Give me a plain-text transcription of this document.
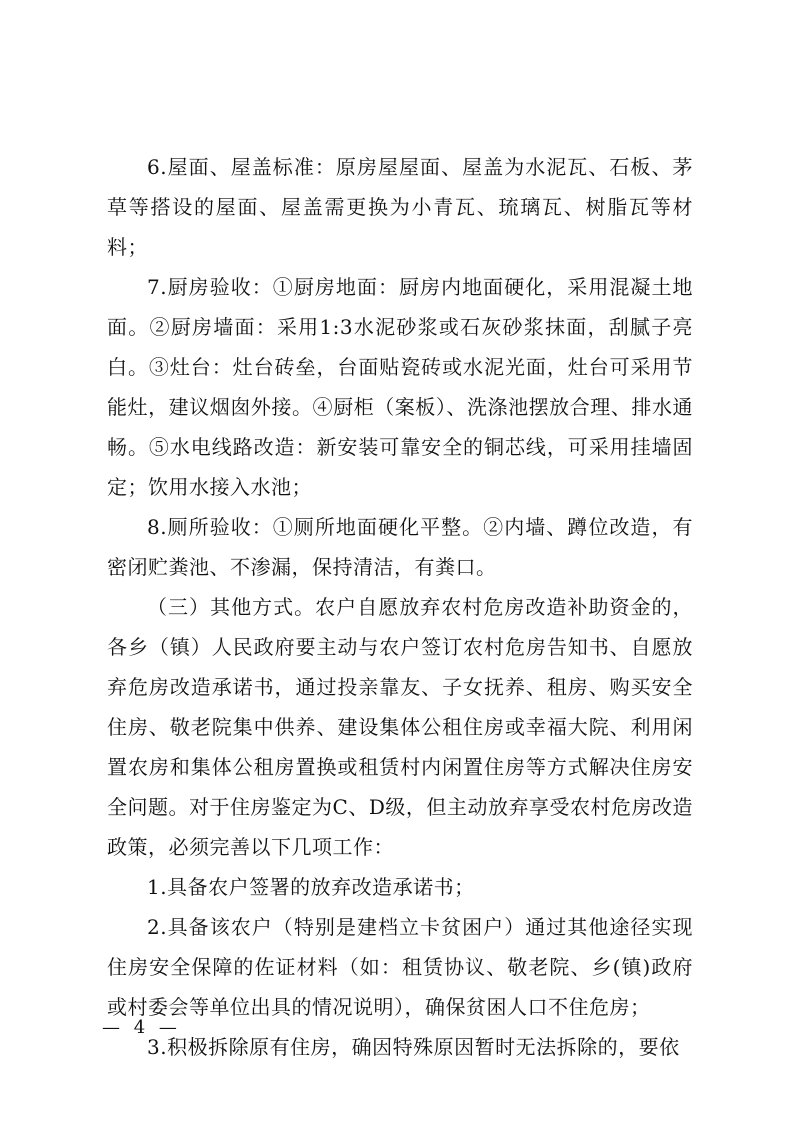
6.屋面、屋盖标准：原房屋屋面、屋盖为水泥瓦、石板、茅草等搭设的屋面、屋盖需更换为小青瓦、琉璃瓦、树脂瓦等材料；

7.厨房验收：①厨房地面：厨房内地面硬化，采用混凝土地面。②厨房墙面：采用1:3水泥砂浆或石灰砂浆抹面，刮腻子亮白。③灶台：灶台砖垒，台面贴瓷砖或水泥光面，灶台可采用节能灶，建议烟囱外接。④厨柜（案板）、洗涤池摆放合理、排水通畅。⑤水电线路改造：新安装可靠安全的铜芯线，可采用挂墙固定；饮用水接入水池；

8.厕所验收：①厕所地面硬化平整。②内墙、蹲位改造，有密闭贮粪池、不渗漏，保持清洁，有粪口。

（三）其他方式。农户自愿放弃农村危房改造补助资金的，各乡（镇）人民政府要主动与农户签订农村危房告知书、自愿放弃危房改造承诺书，通过投亲靠友、子女抚养、租房、购买安全住房、敬老院集中供养、建设集体公租住房或幸福大院、利用闲置农房和集体公租房置换或租赁村内闲置住房等方式解决住房安全问题。对于住房鉴定为C、D级，但主动放弃享受农村危房改造政策，必须完善以下几项工作：

1.具备农户签署的放弃改造承诺书；

2.具备该农户（特别是建档立卡贫困户）通过其他途径实现住房安全保障的佐证材料（如：租赁协议、敬老院、乡(镇)政府或村委会等单位出具的情况说明），确保贫困人口不住危房；

3.积极拆除原有住房，确因特殊原因暂时无法拆除的，要依

— 4 —
